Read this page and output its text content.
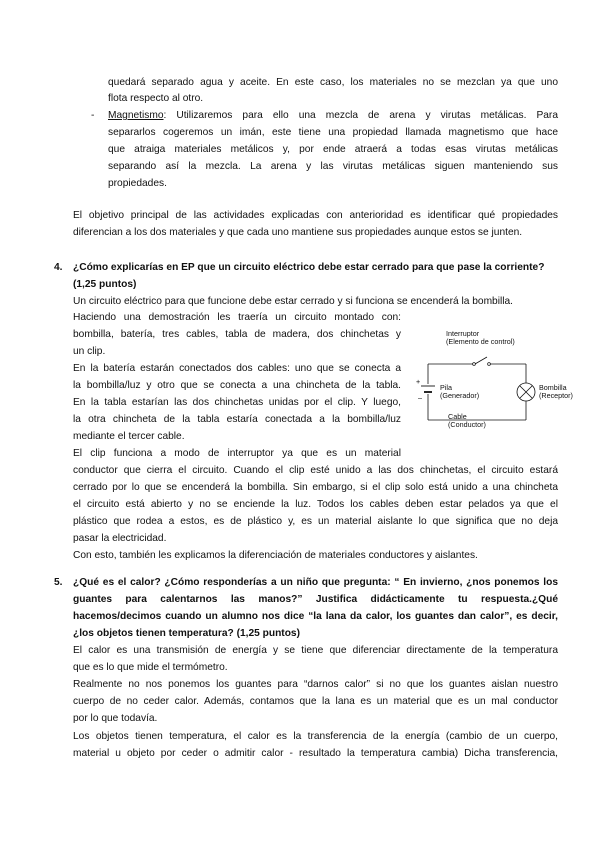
quedará separado agua y aceite. En este caso, los materiales no se mezclan ya que uno
flota respecto al otro.
- Magnetismo: Utilizaremos para ello una mezcla de arena y virutas metálicas. Para
separarlos cogeremos un imán, este tiene una propiedad llamada magnetismo que hace
que atraiga materiales metálicos y, por ende atraerá a todas esas virutas metálicas
separando así la mezcla. La arena y las virutas metálicas siguen manteniendo sus
propiedades.
El objetivo principal de las actividades explicadas con anterioridad es identificar qué propiedades
diferencian a los dos materiales y que cada uno mantiene sus propiedades aunque estos se junten.
4. ¿Cómo explicarías en EP que un circuito eléctrico debe estar cerrado para que pase la corriente?
(1,25 puntos)
Un circuito eléctrico para que funcione debe estar cerrado y si funciona se encenderá la bombilla.
Haciendo una demostración les traería un circuito montado con:
bombilla, batería, tres cables, tabla de madera, dos chinchetas y
un clip.
En la batería estarán conectados dos cables: uno que se conecta a
la bombilla/luz y otro que se conecta a una chincheta de la tabla.
En la tabla estarían las dos chinchetas unidas por el clip. Y luego,
la otra chincheta de la tabla estaría conectada a la bombilla/luz
mediante el tercer cable.
El clip funciona a modo de interruptor ya que es un material
conductor que cierra el circuito. Cuando el clip esté unido a las dos chinchetas, el circuito estará
cerrado por lo que se encenderá la bombilla. Sin embargo, si el clip solo está unido a una chincheta
el circuito está abierto y no se enciende la luz. Todos los cables deben estar pelados ya que el
plástico que rodea a estos, es de plástico y, es un material aislante lo que significa que no deja
pasar la electricidad.
Con esto, también les explicamos la diferenciación de materiales conductores y aislantes.
Interruptor
(Elemento de control)
+
–
Pila
(Generador)
Bombilla
(Receptor)
Cable
(Conductor)
5. ¿Qué es el calor? ¿Cómo responderías a un niño que pregunta: “ En invierno, ¿nos ponemos los
guantes para calentarnos las manos?” Justifica didácticamente tu respuesta.¿Qué
hacemos/decimos cuando un alumno nos dice “la lana da calor, los guantes dan calor”, es decir,
¿los objetos tienen temperatura? (1,25 puntos)
El calor es una transmisión de energía y se tiene que diferenciar directamente de la temperatura
que es lo que mide el termómetro.
Realmente no nos ponemos los guantes para “darnos calor” si no que los guantes aislan nuestro
cuerpo de no ceder calor. Además, contamos que la lana es un material que es un mal conductor
por lo que todavía.
Los objetos tienen temperatura, el calor es la transferencia de la energía (cambio de un cuerpo,
material u objeto por ceder o admitir calor - resultado la temperatura cambia) Dicha transferencia,
